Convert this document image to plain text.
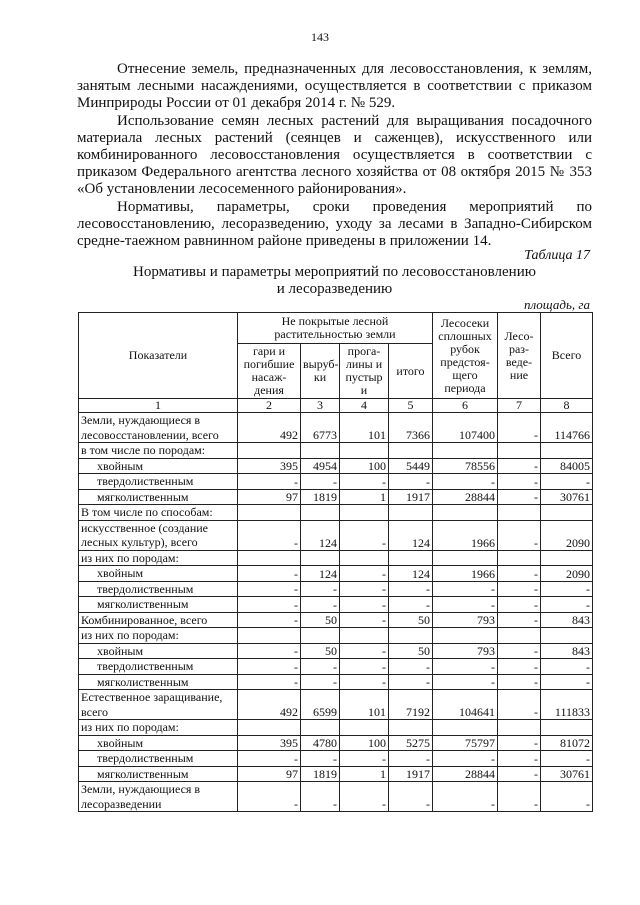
143

Отнесение земель, предназначенных для лесовосстановления, к землям, занятым лесными насаждениями, осуществляется в соответствии с приказом Минприроды России от 01 декабря 2014 г. № 529.

Использование семян лесных растений для выращивания посадочного материала лесных растений (сеянцев и саженцев), искусственного или комбинированного лесовосстановления осуществляется в соответствии с приказом Федерального агентства лесного хозяйства от 08 октября 2015 № 353 «Об установлении лесосеменного районирования».

Нормативы, параметры, сроки проведения мероприятий по лесовосстановлению, лесоразведению, уходу за лесами в Западно-Сибирском средне-таежном равнинном районе приведены в приложении 14.

Таблица 17
Нормативы и параметры мероприятий по лесовосстановлению
и лесоразведению
площадь, га
Показатели	Не покрытые лесной растительностью земли				Лесосеки сплошных рубок предстоя-щего периода	Лесо-раз-веде-ние	Всего
	гари и погибшие насаж-дения	выруб-ки	прога-лины и пустыр и	итого			
1	2	3	4	5	6	7	8
Земли, нуждающиеся в лесовосстановлении, всего	492	6773	101	7366	107400	-	114766
в том числе по породам:							
хвойным	395	4954	100	5449	78556	-	84005
твердолиственным	-	-	-	-	-	-	-
мягколиственным	97	1819	1	1917	28844	-	30761
В том числе по способам:							
искусственное (создание лесных культур), всего	-	124	-	124	1966	-	2090
из них по породам:							
хвойным	-	124	-	124	1966	-	2090
твердолиственным	-	-	-	-	-	-	-
мягколиственным	-	-	-	-	-	-	-
Комбинированное, всего	-	50	-	50	793	-	843
из них по породам:							
хвойным	-	50	-	50	793	-	843
твердолиственным	-	-	-	-	-	-	-
мягколиственным	-	-	-	-	-	-	-
Естественное заращивание, всего	492	6599	101	7192	104641	-	111833
из них по породам:							
хвойным	395	4780	100	5275	75797	-	81072
твердолиственным	-	-	-	-	-	-	-
мягколиственным	97	1819	1	1917	28844	-	30761
Земли, нуждающиеся в лесоразведении	-	-	-	-	-	-	-
